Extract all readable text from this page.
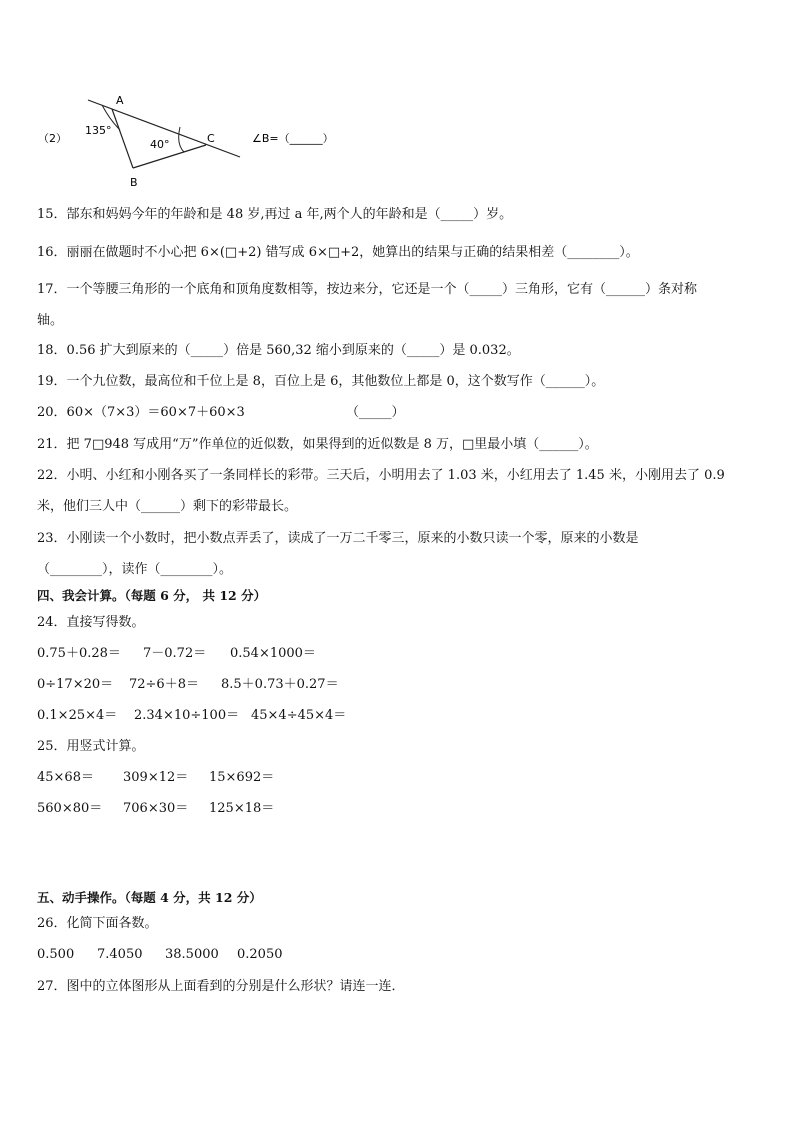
（2）
A
B
C
135°
40°	∠B=（______）
15．郜东和妈妈今年的年龄和是 48 岁,再过 a 年,两个人的年龄和是（_____）岁。
16．丽丽在做题时不小心把 6×(□+2) 错写成 6×□+2，她算出的结果与正确的结果相差（________）。
17．一个等腰三角形的一个底角和顶角度数相等，按边来分，它还是一个（_____）三角形，它有（______）条对称
轴。
18．0.56 扩大到原来的（_____）倍是 560,32 缩小到原来的（_____）是 0.032。
19．一个九位数，最高位和千位上是 8，百位上是 6，其他数位上都是 0，这个数写作（______）。
20．60×（7×3）＝60×7＋60×3	（_____）
21．把 7□948 写成用“万”作单位的近似数，如果得到的近似数是 8 万，□里最小填（______）。
22．小明、小红和小刚各买了一条同样长的彩带。三天后，小明用去了 1.03 米，小红用去了 1.45 米，小刚用去了 0.9
米，他们三人中（______）剩下的彩带最长。
23．小刚读一个小数时，把小数点弄丢了，读成了一万二千零三，原来的小数只读一个零，原来的小数是
（________），读作（________）。
四、我会计算。（每题 6 分， 共 12 分）
24．直接写得数。
0.75＋0.28＝ 7－0.72＝ 0.54×1000＝
0÷17×20＝ 72÷6＋8＝ 8.5＋0.73＋0.27＝
0.1×25×4＝ 2.34×10÷100＝ 45×4÷45×4＝
25．用竖式计算。
45×68＝ 309×12＝ 15×692＝
560×80＝ 706×30＝ 125×18＝
五、动手操作。（每题 4 分，共 12 分）
26．化简下面各数。
0.500 7.4050 38.5000 0.2050
27．图中的立体图形从上面看到的分别是什么形状？请连一连．
